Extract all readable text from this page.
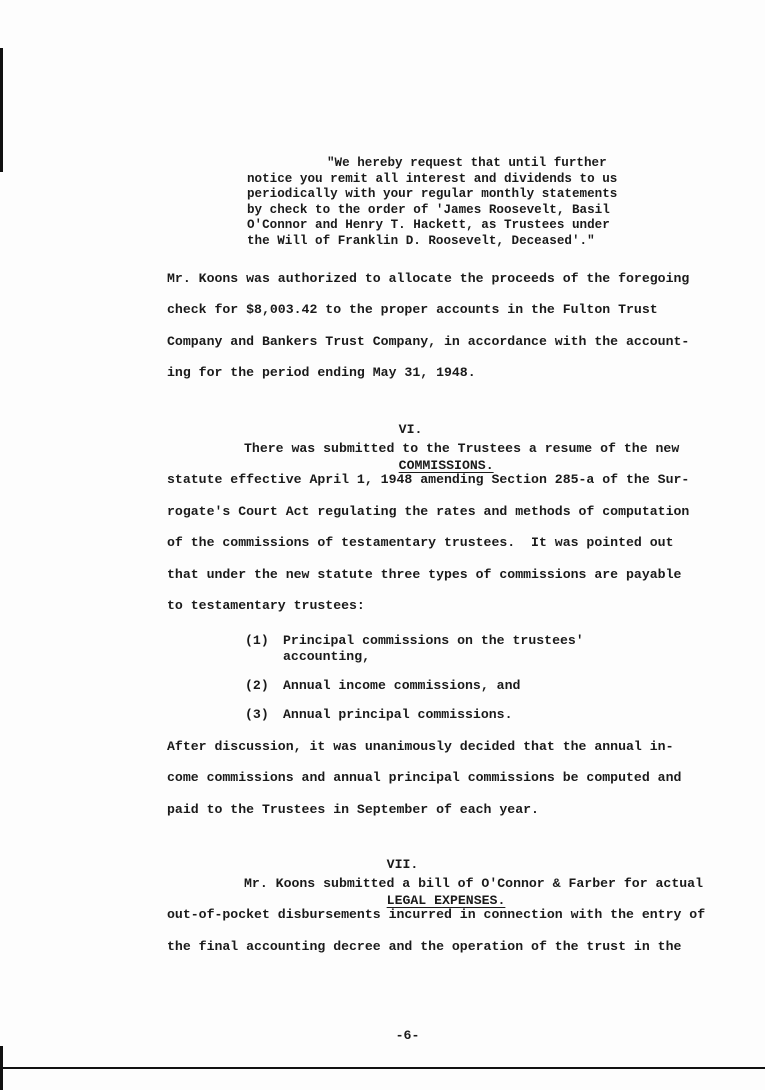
"We hereby request that until further
notice you remit all interest and dividends to us
periodically with your regular monthly statements
by check to the order of 'James Roosevelt, Basil
O'Connor and Henry T. Hackett, as Trustees under
the Will of Franklin D. Roosevelt, Deceased'."
Mr. Koons was authorized to allocate the proceeds of the foregoing
check for $8,003.42 to the proper accounts in the Fulton Trust
Company and Bankers Trust Company, in accordance with the account-
ing for the period ending May 31, 1948.

VI.

COMMISSIONS.

There was submitted to the Trustees a resume of the new
statute effective April 1, 1948 amending Section 285-a of the Sur-
rogate's Court Act regulating the rates and methods of computation
of the commissions of testamentary trustees.  It was pointed out
that under the new statute three types of commissions are payable
to testamentary trustees:
(1) Principal commissions on the trustees'
accounting,
(2) Annual income commissions, and
(3) Annual principal commissions.
After discussion, it was unanimously decided that the annual in-
come commissions and annual principal commissions be computed and
paid to the Trustees in September of each year.

VII.

LEGAL EXPENSES.

Mr. Koons submitted a bill of O'Connor & Farber for actual
out-of-pocket disbursements incurred in connection with the entry of
the final accounting decree and the operation of the trust in the
-6-
